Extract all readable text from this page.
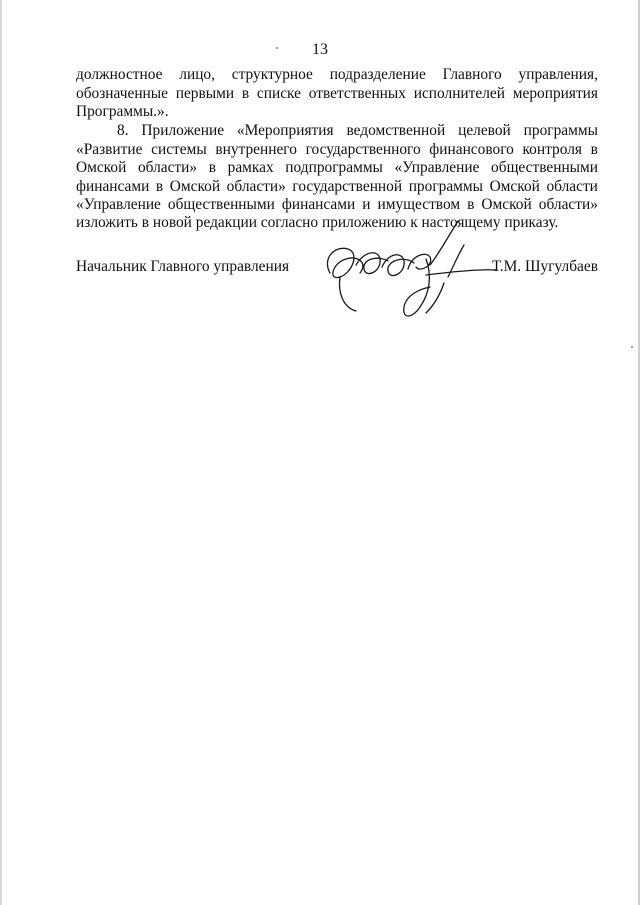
13
должностное лицо, структурное подразделение Главного управления,
обозначенные первыми в списке ответственных исполнителей мероприятия
Программы.».
8. Приложение «Мероприятия ведомственной целевой программы
«Развитие системы внутреннего государственного финансового контроля в
Омской области» в рамках подпрограммы «Управление общественными
финансами в Омской области» государственной программы Омской области
«Управление общественными финансами и имуществом в Омской области»
изложить в новой редакции согласно приложению к настоящему приказу.
Начальник Главного управления	Т.М. Шугулбаев
